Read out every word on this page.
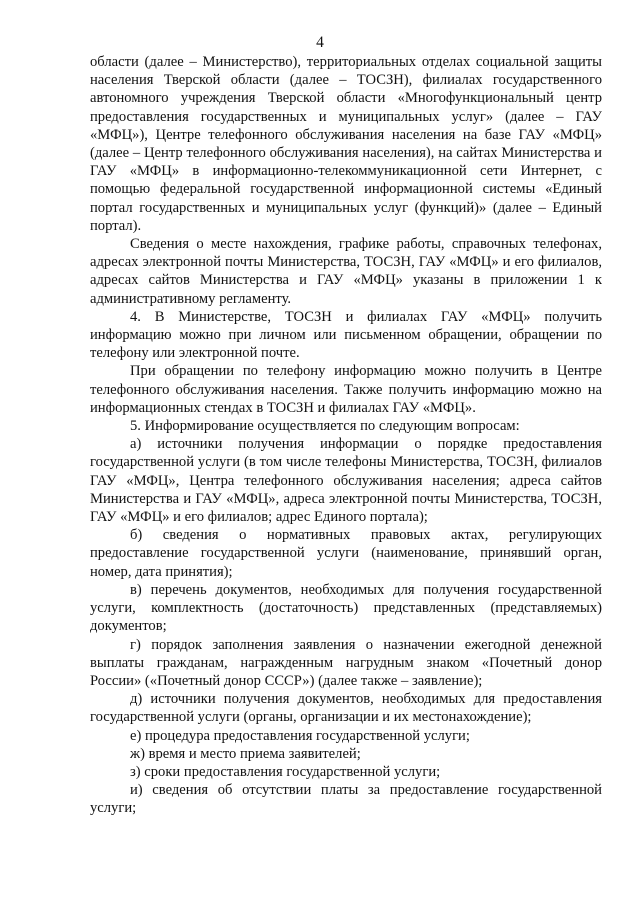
4

области (далее – Министерство), территориальных отделах социальной защиты населения Тверской области (далее – ТОСЗН), филиалах государственного автономного учреждения Тверской области «Многофункциональный центр предоставления государственных и муниципальных услуг» (далее – ГАУ «МФЦ»), Центре телефонного обслуживания населения на базе ГАУ «МФЦ» (далее – Центр телефонного обслуживания населения), на сайтах Министерства и ГАУ «МФЦ» в информационно-телекоммуникационной сети Интернет, с помощью федеральной государственной информационной системы «Единый портал государственных и муниципальных услуг (функций)» (далее – Единый портал).

Сведения о месте нахождения, графике работы, справочных телефонах, адресах электронной почты Министерства, ТОСЗН, ГАУ «МФЦ» и его филиалов, адресах сайтов Министерства и ГАУ «МФЦ» указаны в приложении 1 к административному регламенту.

4. В Министерстве, ТОСЗН и филиалах ГАУ «МФЦ» получить информацию можно при личном или письменном обращении, обращении по телефону или электронной почте.

При обращении по телефону информацию можно получить в Центре телефонного обслуживания населения. Также получить информацию можно на информационных стендах в ТОСЗН и филиалах ГАУ «МФЦ».

5. Информирование осуществляется по следующим вопросам:

а) источники получения информации о порядке предоставления государственной услуги (в том числе телефоны Министерства, ТОСЗН, филиалов ГАУ «МФЦ», Центра телефонного обслуживания населения; адреса сайтов Министерства и ГАУ «МФЦ», адреса электронной почты Министерства, ТОСЗН, ГАУ «МФЦ» и его филиалов; адрес Единого портала);

б) сведения о нормативных правовых актах, регулирующих предоставление государственной услуги (наименование, принявший орган, номер, дата принятия);

в) перечень документов, необходимых для получения государственной услуги, комплектность (достаточность) представленных (представляемых) документов;

г) порядок заполнения заявления о назначении ежегодной денежной выплаты гражданам, награжденным нагрудным знаком «Почетный донор России» («Почетный донор СССР») (далее также – заявление);

д) источники получения документов, необходимых для предоставления государственной услуги (органы, организации и их местонахождение);

е) процедура предоставления государственной услуги;

ж) время и место приема заявителей;

з) сроки предоставления государственной услуги;

и) сведения об отсутствии платы за предоставление государственной услуги;
